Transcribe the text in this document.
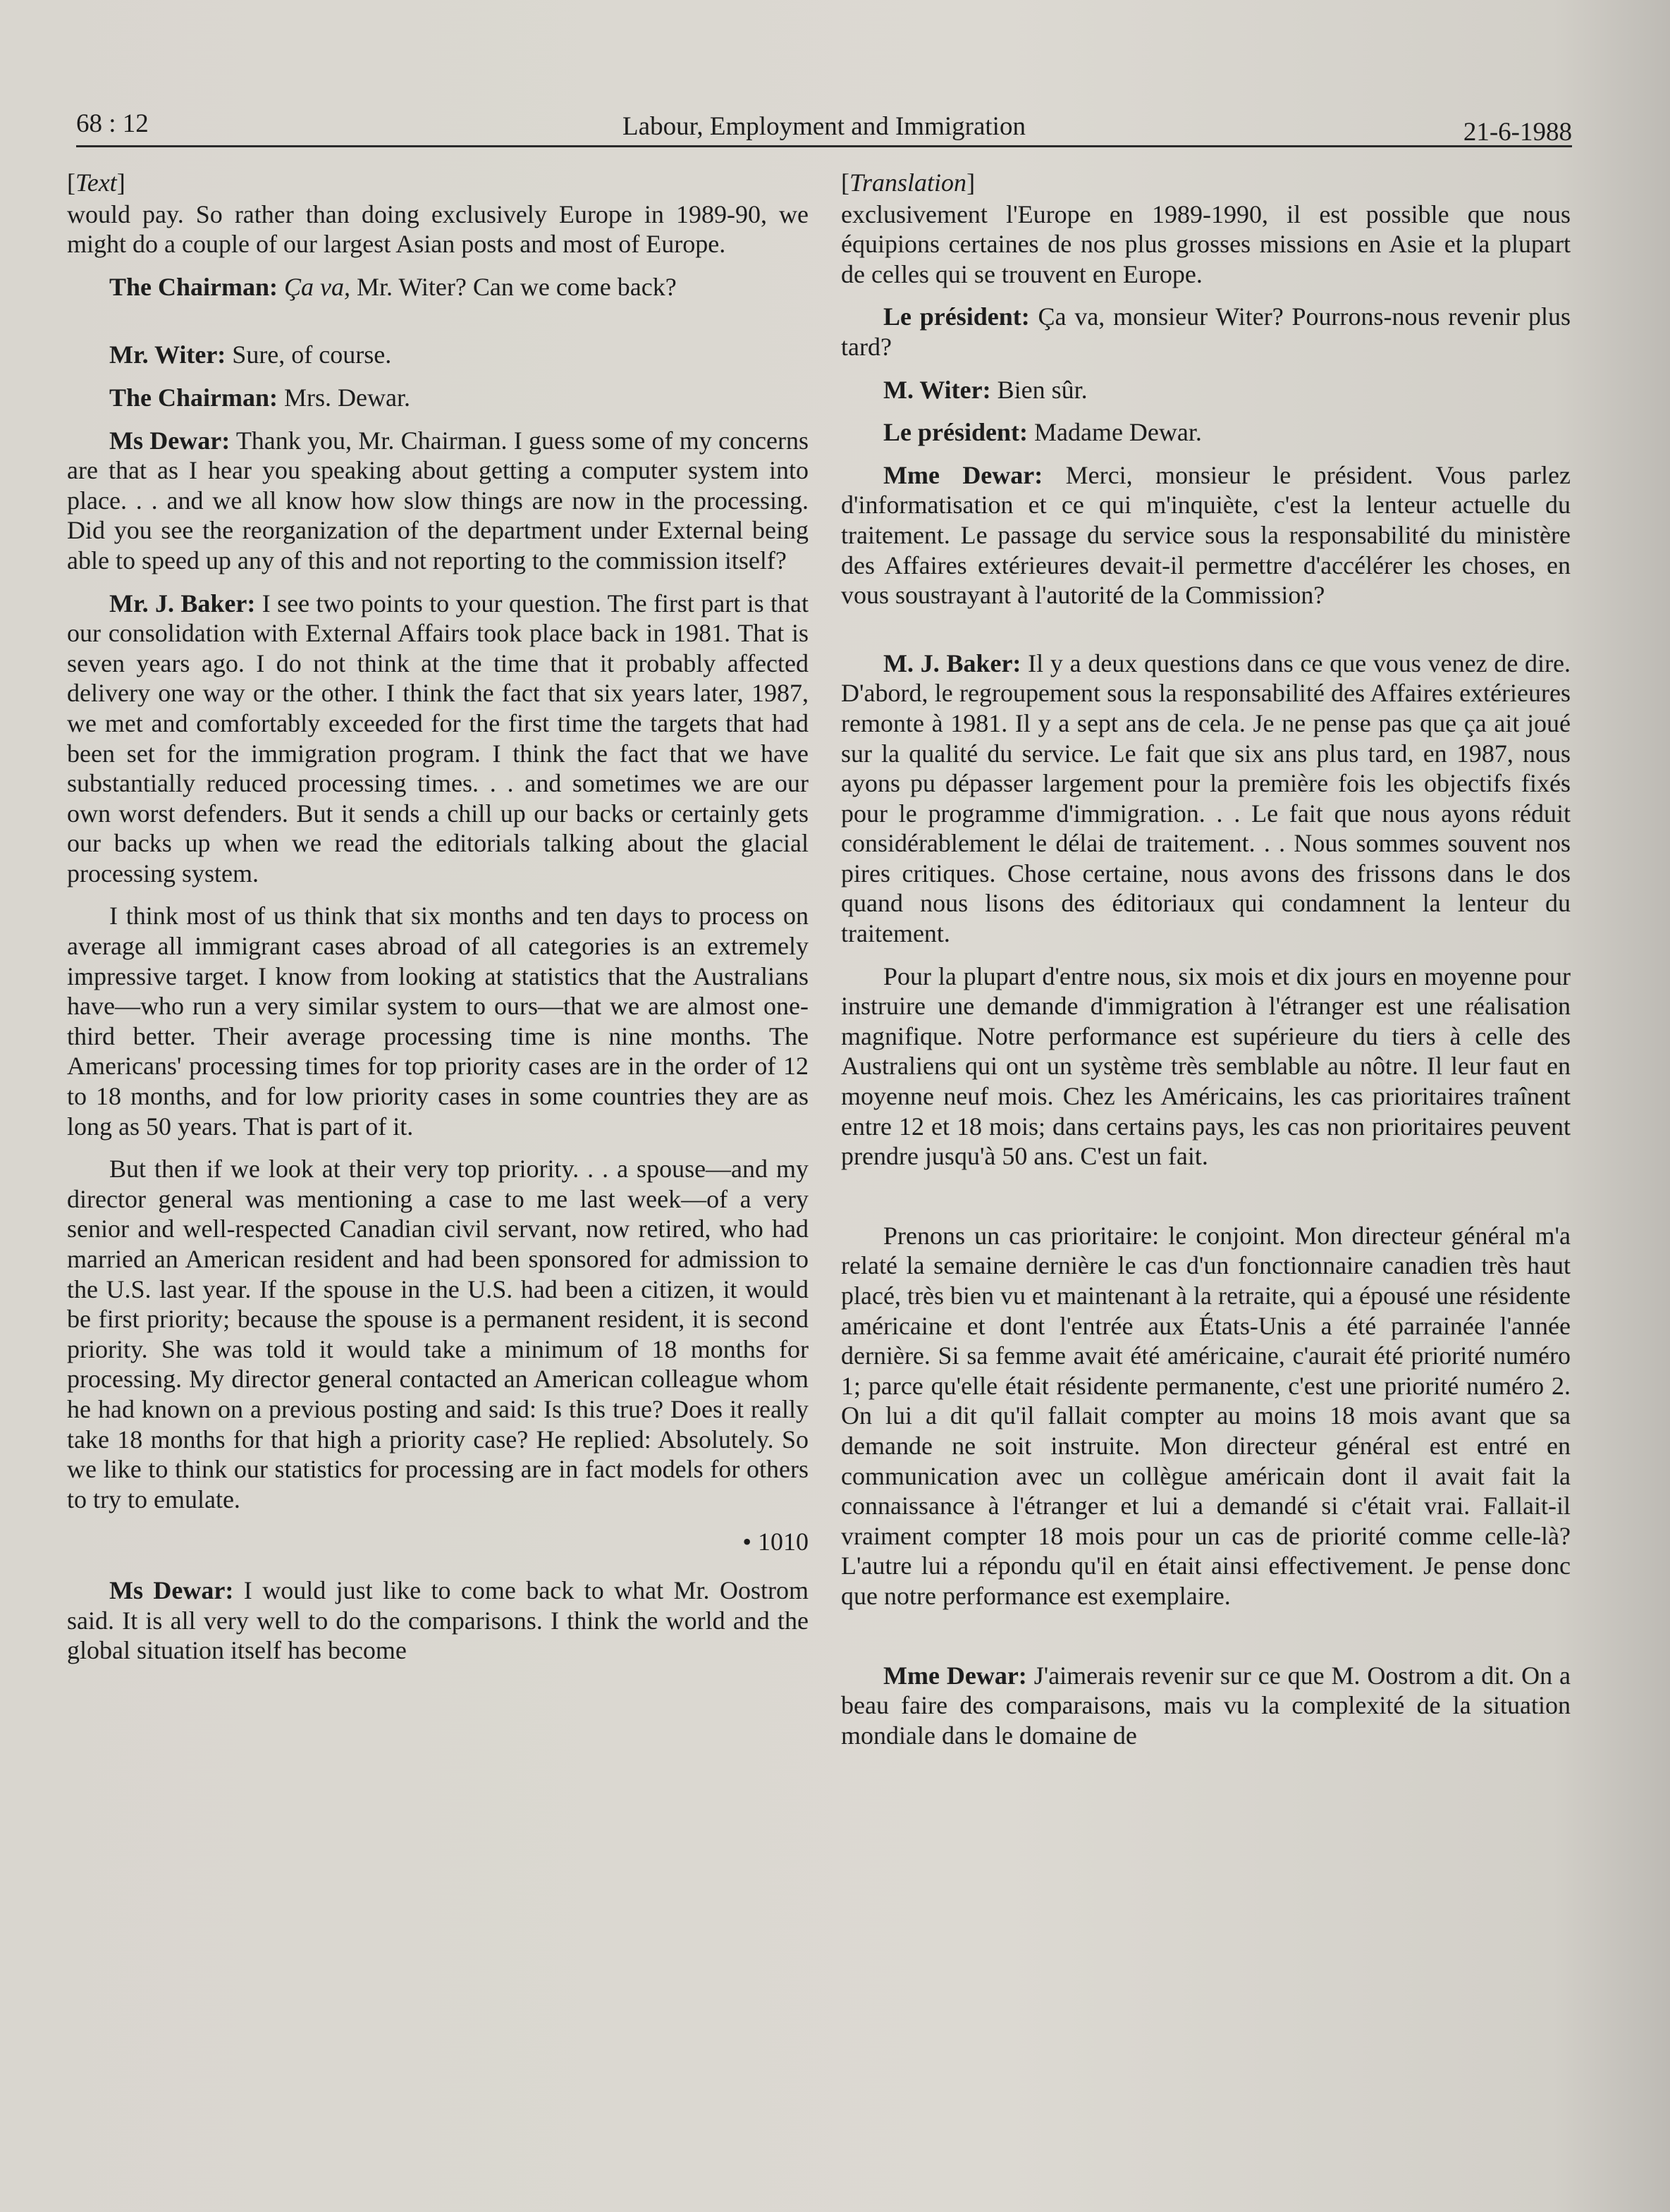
68 : 12	Labour, Employment and Immigration	21-6-1988
[Text]

would pay. So rather than doing exclusively Europe in 1989-90, we might do a couple of our largest Asian posts and most of Europe.

The Chairman: Ça va, Mr. Witer? Can we come back?

Mr. Witer: Sure, of course.

The Chairman: Mrs. Dewar.

Ms Dewar: Thank you, Mr. Chairman. I guess some of my concerns are that as I hear you speaking about getting a computer system into place. . . and we all know how slow things are now in the processing. Did you see the reorganization of the department under External being able to speed up any of this and not reporting to the commission itself?

Mr. J. Baker: I see two points to your question. The first part is that our consolidation with External Affairs took place back in 1981. That is seven years ago. I do not think at the time that it probably affected delivery one way or the other. I think the fact that six years later, 1987, we met and comfortably exceeded for the first time the targets that had been set for the immigration program. I think the fact that we have substantially reduced processing times. . . and sometimes we are our own worst defenders. But it sends a chill up our backs or certainly gets our backs up when we read the editorials talking about the glacial processing system.

I think most of us think that six months and ten days to process on average all immigrant cases abroad of all categories is an extremely impressive target. I know from looking at statistics that the Australians have—who run a very similar system to ours—that we are almost one-third better. Their average processing time is nine months. The Americans' processing times for top priority cases are in the order of 12 to 18 months, and for low priority cases in some countries they are as long as 50 years. That is part of it.

But then if we look at their very top priority. . . a spouse—and my director general was mentioning a case to me last week—of a very senior and well-respected Canadian civil servant, now retired, who had married an American resident and had been sponsored for admission to the U.S. last year. If the spouse in the U.S. had been a citizen, it would be first priority; because the spouse is a permanent resident, it is second priority. She was told it would take a minimum of 18 months for processing. My director general contacted an American colleague whom he had known on a previous posting and said: Is this true? Does it really take 18 months for that high a priority case? He replied: Absolutely. So we like to think our statistics for processing are in fact models for others to try to emulate.

• 1010

Ms Dewar: I would just like to come back to what Mr. Oostrom said. It is all very well to do the comparisons. I think the world and the global situation itself has become

[Translation]

exclusivement l'Europe en 1989-1990, il est possible que nous équipions certaines de nos plus grosses missions en Asie et la plupart de celles qui se trouvent en Europe.

Le président: Ça va, monsieur Witer? Pourrons-nous revenir plus tard?

M. Witer: Bien sûr.

Le président: Madame Dewar.

Mme Dewar: Merci, monsieur le président. Vous parlez d'informatisation et ce qui m'inquiète, c'est la lenteur actuelle du traitement. Le passage du service sous la responsabilité du ministère des Affaires extérieures devait-il permettre d'accélérer les choses, en vous soustrayant à l'autorité de la Commission?

M. J. Baker: Il y a deux questions dans ce que vous venez de dire. D'abord, le regroupement sous la responsabilité des Affaires extérieures remonte à 1981. Il y a sept ans de cela. Je ne pense pas que ça ait joué sur la qualité du service. Le fait que six ans plus tard, en 1987, nous ayons pu dépasser largement pour la première fois les objectifs fixés pour le programme d'immigration. . . Le fait que nous ayons réduit considérablement le délai de traitement. . . Nous sommes souvent nos pires critiques. Chose certaine, nous avons des frissons dans le dos quand nous lisons des éditoriaux qui condamnent la lenteur du traitement.

Pour la plupart d'entre nous, six mois et dix jours en moyenne pour instruire une demande d'immigration à l'étranger est une réalisation magnifique. Notre performance est supérieure du tiers à celle des Australiens qui ont un système très semblable au nôtre. Il leur faut en moyenne neuf mois. Chez les Américains, les cas prioritaires traînent entre 12 et 18 mois; dans certains pays, les cas non prioritaires peuvent prendre jusqu'à 50 ans. C'est un fait.

Prenons un cas prioritaire: le conjoint. Mon directeur général m'a relaté la semaine dernière le cas d'un fonctionnaire canadien très haut placé, très bien vu et maintenant à la retraite, qui a épousé une résidente américaine et dont l'entrée aux États-Unis a été parrainée l'année dernière. Si sa femme avait été américaine, c'aurait été priorité numéro 1; parce qu'elle était résidente permanente, c'est une priorité numéro 2. On lui a dit qu'il fallait compter au moins 18 mois avant que sa demande ne soit instruite. Mon directeur général est entré en communication avec un collègue américain dont il avait fait la connaissance à l'étranger et lui a demandé si c'était vrai. Fallait-il vraiment compter 18 mois pour un cas de priorité comme celle-là? L'autre lui a répondu qu'il en était ainsi effectivement. Je pense donc que notre performance est exemplaire.

Mme Dewar: J'aimerais revenir sur ce que M. Oostrom a dit. On a beau faire des comparaisons, mais vu la complexité de la situation mondiale dans le domaine de
